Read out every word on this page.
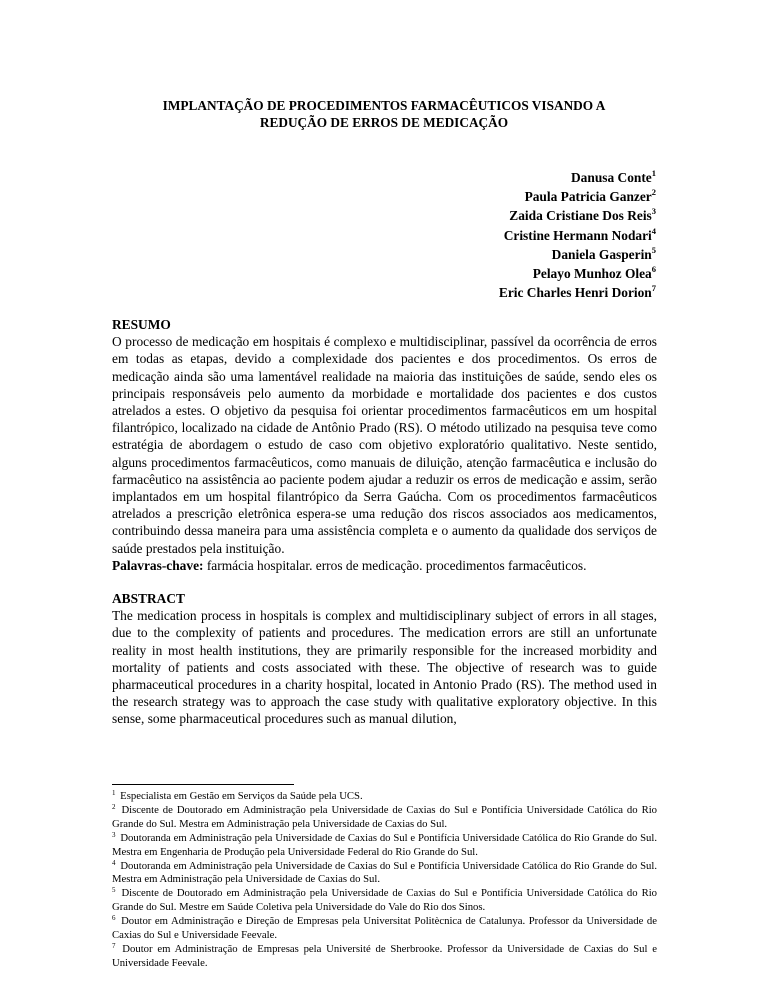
IMPLANTAÇÃO DE PROCEDIMENTOS FARMACÊUTICOS VISANDO A
REDUÇÃO DE ERROS DE MEDICAÇÃO
Danusa Conte$^1$
Paula Patricia Ganzer$^2$
Zaida Cristiane Dos Reis$^3$
Cristine Hermann Nodari$^4$
Daniela Gasperin$^5$
Pelayo Munhoz Olea$^6$
Eric Charles Henri Dorion$^7$
RESUMO
O processo de medicação em hospitais é complexo e multidisciplinar, passível da ocorrência de erros em todas as etapas, devido a complexidade dos pacientes e dos procedimentos. Os erros de medicação ainda são uma lamentável realidade na maioria das instituições de saúde, sendo eles os principais responsáveis pelo aumento da morbidade e mortalidade dos pacientes e dos custos atrelados a estes. O objetivo da pesquisa foi orientar procedimentos farmacêuticos em um hospital filantrópico, localizado na cidade de Antônio Prado (RS). O método utilizado na pesquisa teve como estratégia de abordagem o estudo de caso com objetivo exploratório qualitativo. Neste sentido, alguns procedimentos farmacêuticos, como manuais de diluição, atenção farmacêutica e inclusão do farmacêutico na assistência ao paciente podem ajudar a reduzir os erros de medicação e assim, serão implantados em um hospital filantrópico da Serra Gaúcha. Com os procedimentos farmacêuticos atrelados a prescrição eletrônica espera-se uma redução dos riscos associados aos medicamentos, contribuindo dessa maneira para uma assistência completa e o aumento da qualidade dos serviços de saúde prestados pela instituição.
Palavras-chave: farmácia hospitalar. erros de medicação. procedimentos farmacêuticos.
ABSTRACT
The medication process in hospitals is complex and multidisciplinary subject of errors in all stages, due to the complexity of patients and procedures. The medication errors are still an unfortunate reality in most health institutions, they are primarily responsible for the increased morbidity and mortality of patients and costs associated with these. The objective of research was to guide pharmaceutical procedures in a charity hospital, located in Antonio Prado (RS). The method used in the research strategy was to approach the case study with qualitative exploratory objective. In this sense, some pharmaceutical procedures such as manual dilution,
$^1$ Especialista em Gestão em Serviços da Saúde pela UCS.
$^2$ Discente de Doutorado em Administração pela Universidade de Caxias do Sul e Pontifícia Universidade Católica do Rio Grande do Sul. Mestra em Administração pela Universidade de Caxias do Sul.
$^3$ Doutoranda em Administração pela Universidade de Caxias do Sul e Pontifícia Universidade Católica do Rio Grande do Sul. Mestra em Engenharia de Produção pela Universidade Federal do Rio Grande do Sul.
$^4$ Doutoranda em Administração pela Universidade de Caxias do Sul e Pontifícia Universidade Católica do Rio Grande do Sul. Mestra em Administração pela Universidade de Caxias do Sul.
$^5$ Discente de Doutorado em Administração pela Universidade de Caxias do Sul e Pontifícia Universidade Católica do Rio Grande do Sul. Mestre em Saúde Coletiva pela Universidade do Vale do Rio dos Sinos.
$^6$ Doutor em Administração e Direção de Empresas pela Universitat Politècnica de Catalunya. Professor da Universidade de Caxias do Sul e Universidade Feevale.
$^7$ Doutor em Administração de Empresas pela Université de Sherbrooke. Professor da Universidade de Caxias do Sul e Universidade Feevale.
